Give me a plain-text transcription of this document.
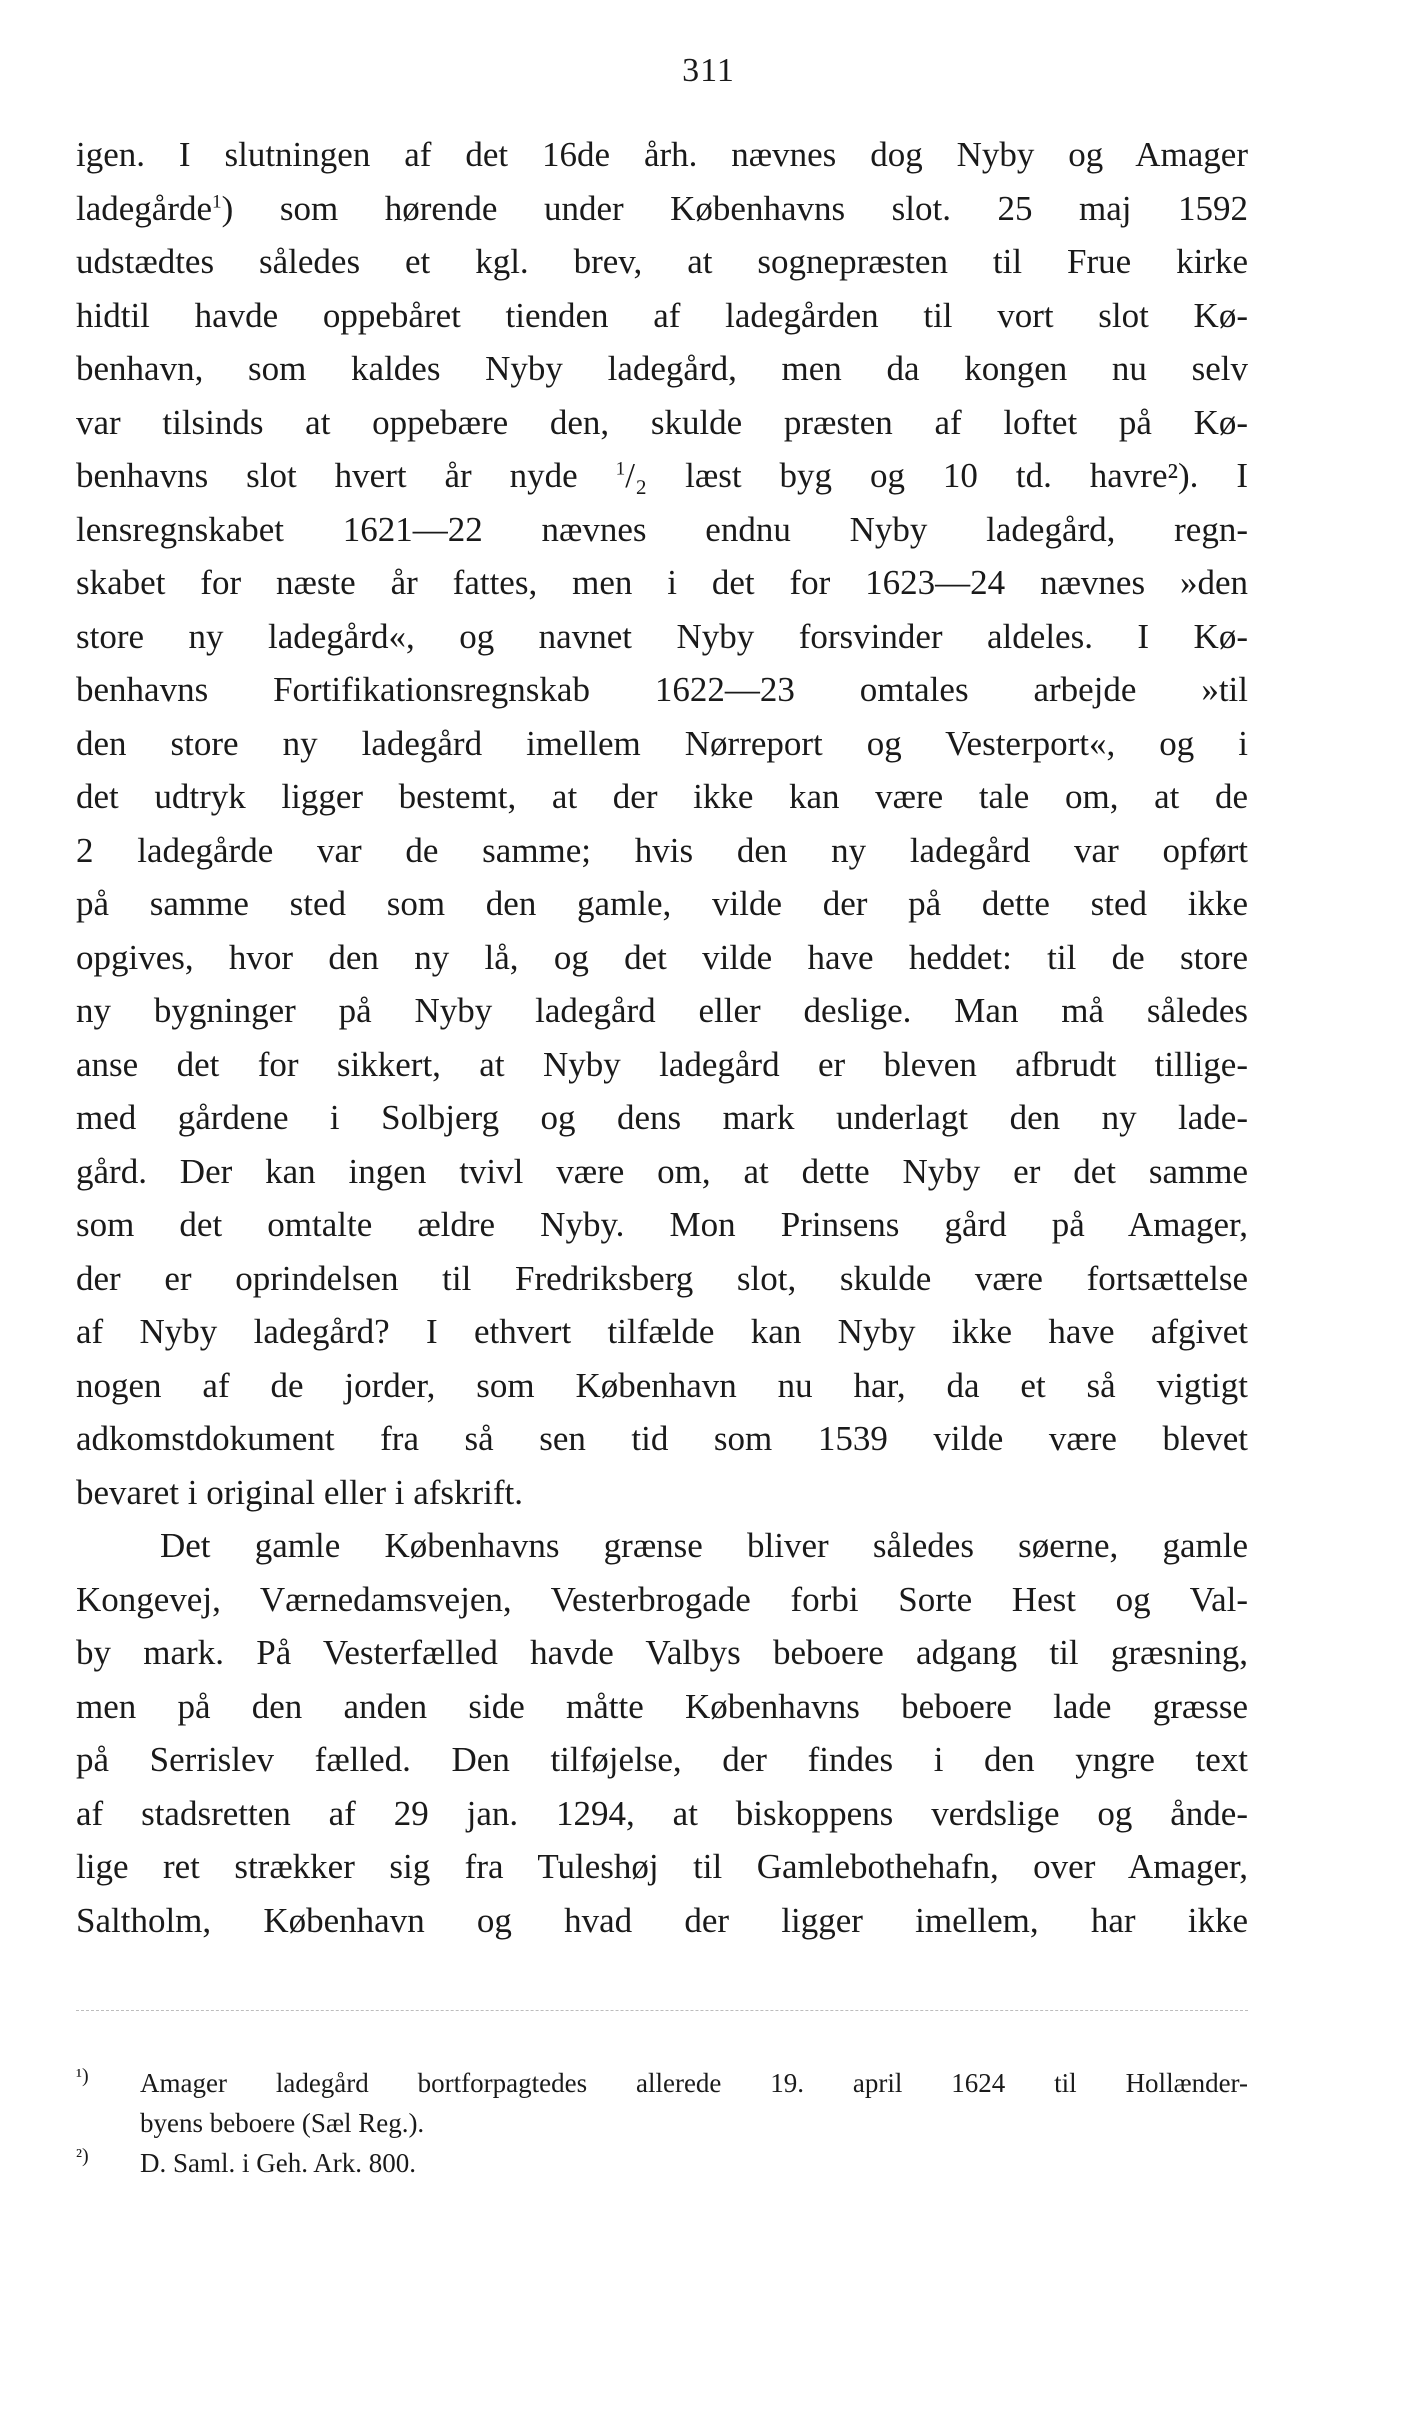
311
igen. I slutningen af det 16de årh. nævnes dog Nyby og Amager
ladegårde$^1$) som hørende under Københavns slot. 25 maj 1592
udstædtes således et kgl. brev, at sognepræsten til Frue kirke
hidtil havde oppebåret tienden af ladegården til vort slot Kø-
benhavn, som kaldes Nyby ladegård, men da kongen nu selv
var tilsinds at oppebære den, skulde præsten af loftet på Kø-
benhavns slot hvert år nyde $^1$/₂ læst byg og 10 td. havre²). I
lensregnskabet 1621—22 nævnes endnu Nyby ladegård, regn-
skabet for næste år fattes, men i det for 1623—24 nævnes »den
store ny ladegård«, og navnet Nyby forsvinder aldeles. I Kø-
benhavns Fortifikationsregnskab 1622—23 omtales arbejde »til
den store ny ladegård imellem Nørreport og Vesterport«, og i
det udtryk ligger bestemt, at der ikke kan være tale om, at de
2 ladegårde var de samme; hvis den ny ladegård var opført
på samme sted som den gamle, vilde der på dette sted ikke
opgives, hvor den ny lå, og det vilde have heddet: til de store
ny bygninger på Nyby ladegård eller deslige. Man må således
anse det for sikkert, at Nyby ladegård er bleven afbrudt tillige-
med gårdene i Solbjerg og dens mark underlagt den ny lade-
gård. Der kan ingen tvivl være om, at dette Nyby er det samme
som det omtalte ældre Nyby. Mon Prinsens gård på Amager,
der er oprindelsen til Fredriksberg slot, skulde være fortsættelse
af Nyby ladegård? I ethvert tilfælde kan Nyby ikke have afgivet
nogen af de jorder, som København nu har, da et så vigtigt
adkomstdokument fra så sen tid som 1539 vilde være blevet
bevaret i original eller i afskrift.
Det gamle Københavns grænse bliver således søerne, gamle
Kongevej, Værnedamsvejen, Vesterbrogade forbi Sorte Hest og Val-
by mark. På Vesterfælled havde Valbys beboere adgang til græsning,
men på den anden side måtte Københavns beboere lade græsse
på Serrislev fælled. Den tilføjelse, der findes i den yngre text
af stadsretten af 29 jan. 1294, at biskoppens verdslige og ånde-
lige ret strækker sig fra Tuleshøj til Gamlebothehafn, over Amager,
Saltholm, København og hvad der ligger imellem, har ikke
¹) Amager ladegård bortforpagtedes allerede 19. april 1624 til Hollænder-
byens beboere (Sæl Reg.).
²) D. Saml. i Geh. Ark. 800.
